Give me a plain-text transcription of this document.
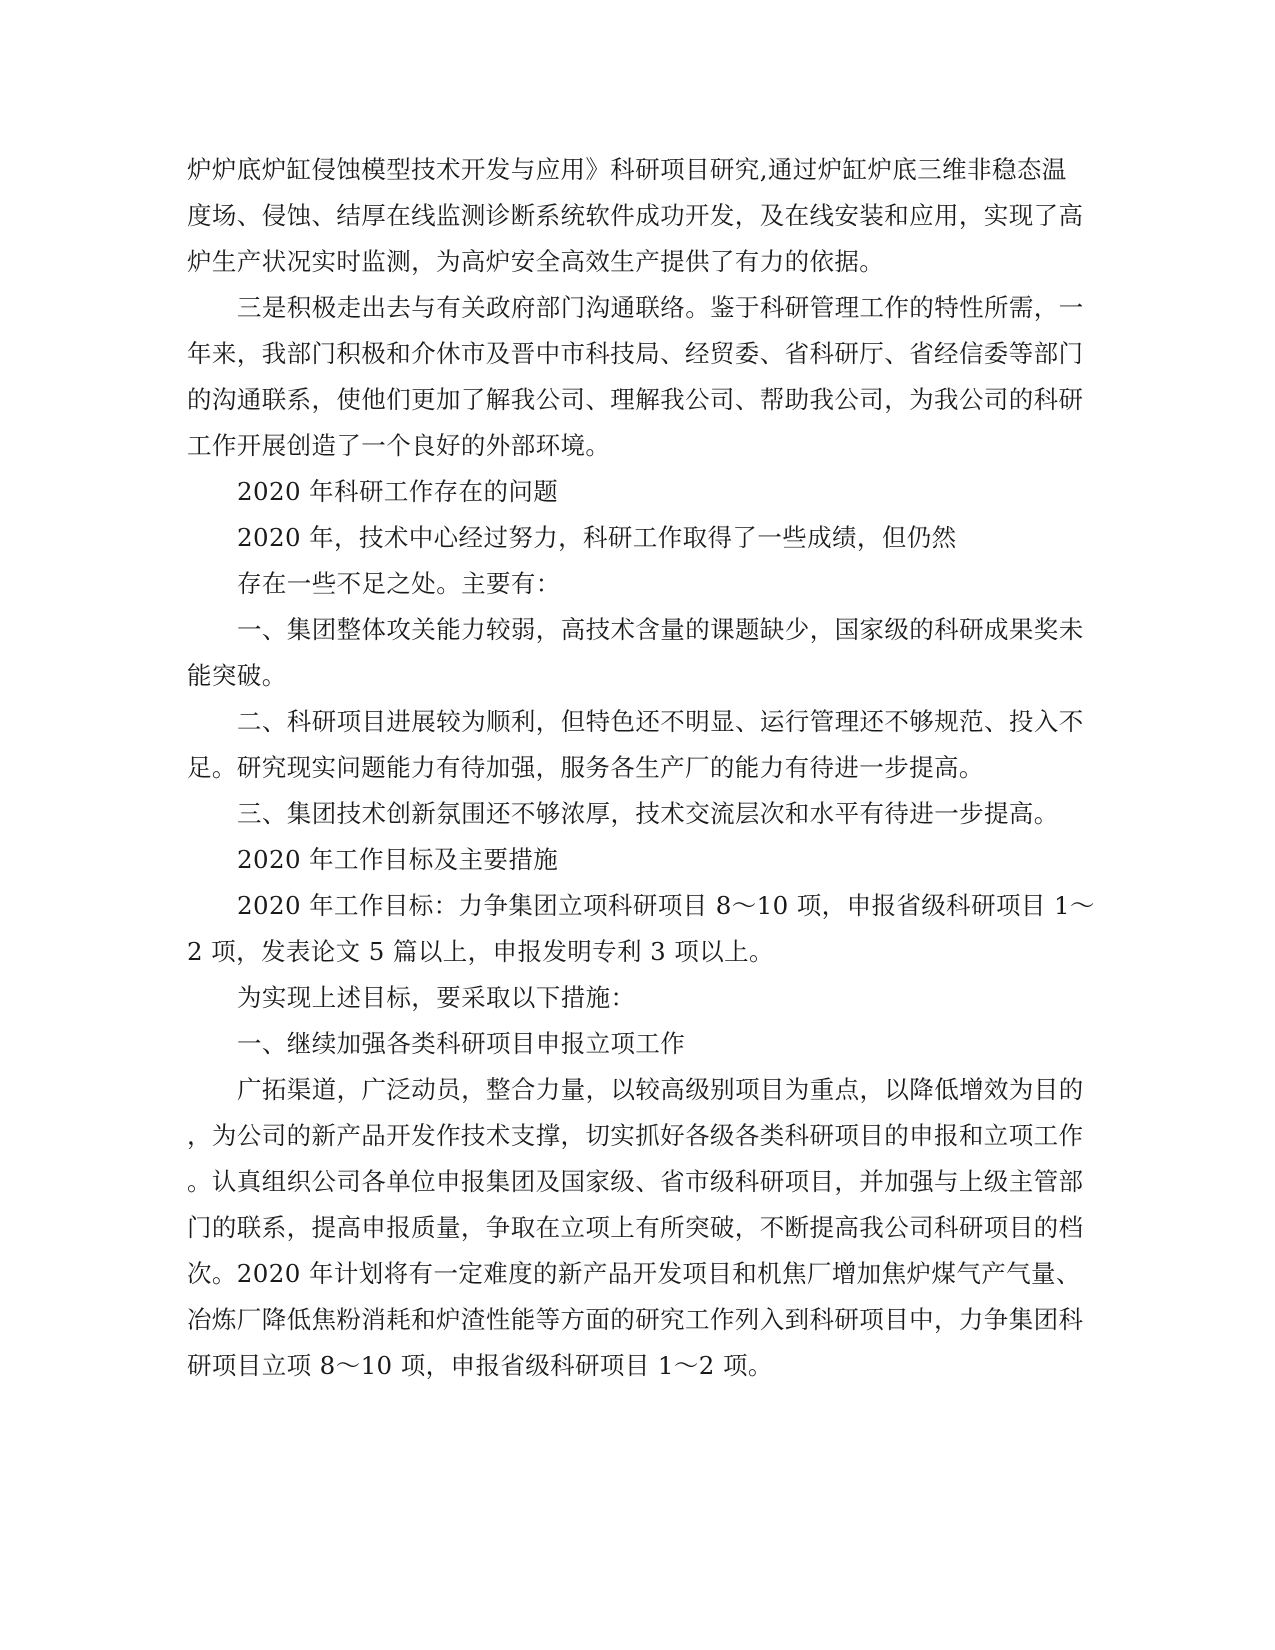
炉炉底炉缸侵蚀模型技术开发与应用》科研项目研究,通过炉缸炉底三维非稳态温

度场、侵蚀、结厚在线监测诊断系统软件成功开发，及在线安装和应用，实现了高

炉生产状况实时监测，为高炉安全高效生产提供了有力的依据。

三是积极走出去与有关政府部门沟通联络。鉴于科研管理工作的特性所需，一

年来，我部门积极和介休市及晋中市科技局、经贸委、省科研厅、省经信委等部门

的沟通联系，使他们更加了解我公司、理解我公司、帮助我公司，为我公司的科研

工作开展创造了一个良好的外部环境。

2020 年科研工作存在的问题

2020 年，技术中心经过努力，科研工作取得了一些成绩，但仍然

存在一些不足之处。主要有：

一、集团整体攻关能力较弱，高技术含量的课题缺少，国家级的科研成果奖未

能突破。

二、科研项目进展较为顺利，但特色还不明显、运行管理还不够规范、投入不

足。研究现实问题能力有待加强，服务各生产厂的能力有待进一步提高。

三、集团技术创新氛围还不够浓厚，技术交流层次和水平有待进一步提高。

2020 年工作目标及主要措施

2020 年工作目标：力争集团立项科研项目 8～10 项，申报省级科研项目 1～

2 项，发表论文 5 篇以上，申报发明专利 3 项以上。

为实现上述目标，要采取以下措施：

一、继续加强各类科研项目申报立项工作

广拓渠道，广泛动员，整合力量，以较高级别项目为重点，以降低增效为目的

，为公司的新产品开发作技术支撑，切实抓好各级各类科研项目的申报和立项工作

。认真组织公司各单位申报集团及国家级、省市级科研项目，并加强与上级主管部

门的联系，提高申报质量，争取在立项上有所突破，不断提高我公司科研项目的档

次。2020 年计划将有一定难度的新产品开发项目和机焦厂增加焦炉煤气产气量、

冶炼厂降低焦粉消耗和炉渣性能等方面的研究工作列入到科研项目中，力争集团科

研项目立项 8～10 项，申报省级科研项目 1～2 项。
